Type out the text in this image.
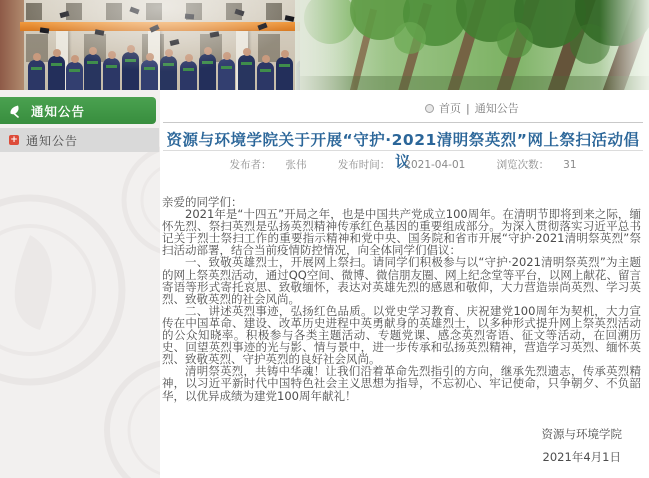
通知公告
+ 通知公告
首页 | 通知公告
资源与环境学院关于开展“守护·2021清明祭英烈”网上祭扫活动倡议
发布者： 张伟	发布时间： 2021-04-01	浏览次数： 31

亲爱的同学们：

2021年是“十四五”开局之年，也是中国共产党成立100周年。在清明节即将到来之际，缅怀先烈、祭扫英烈是弘扬英烈精神传承红色基因的重要组成部分。为深入贯彻落实习近平总书记关于烈士祭扫工作的重要指示精神和党中央、国务院和省市开展“守护·2021清明祭英烈”祭扫活动部署，结合当前疫情防控情况，向全体同学们倡议：

一、致敬英雄烈士，开展网上祭扫。请同学们积极参与以“守护·2021清明祭英烈”为主题的网上祭英烈活动，通过QQ空间、微博、微信朋友圈、网上纪念堂等平台，以网上献花、留言寄语等形式寄托哀思、致敬缅怀，表达对英雄先烈的感恩和敬仰，大力营造崇尚英烈、学习英烈、致敬英烈的社会风尚。

二、讲述英烈事迹，弘扬红色品质。以党史学习教育、庆祝建党100周年为契机，大力宣传在中国革命、建设、改革历史进程中英勇献身的英雄烈士，以多种形式提升网上祭英烈活动的公众知晓率。积极参与各类主题活动、专题党课、感念英烈寄语、征文等活动，在回溯历史、回望英烈事迹的光与影、情与景中，进一步传承和弘扬英烈精神，营造学习英烈、缅怀英烈、致敬英烈、守护英烈的良好社会风尚。

清明祭英烈，共铸中华魂！让我们沿着革命先烈指引的方向，继承先烈遗志，传承英烈精神，以习近平新时代中国特色社会主义思想为指导，不忘初心、牢记使命，只争朝夕、不负韶华，以优异成绩为建党100周年献礼！

资源与环境学院
2021年4月1日
